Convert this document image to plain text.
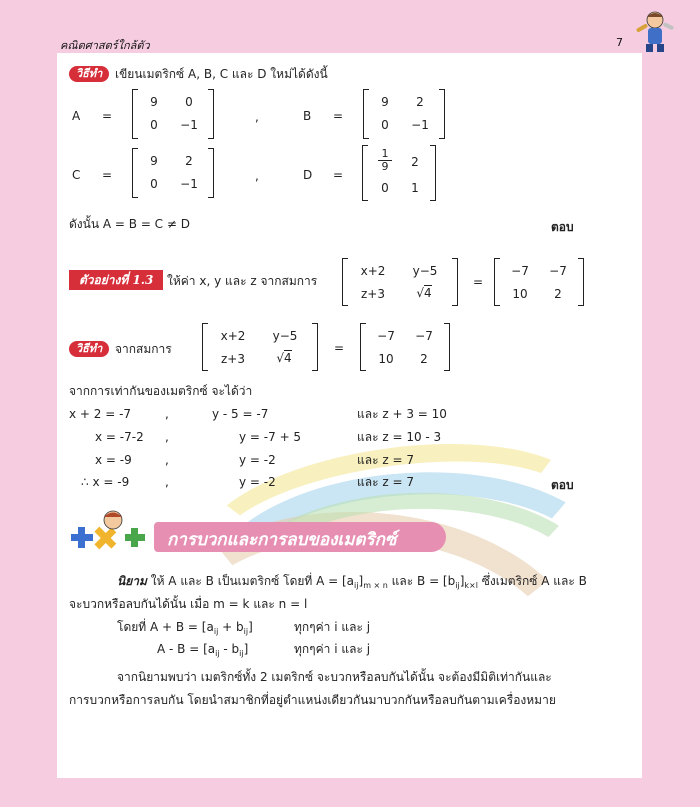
คณิตศาสตร์ใกล้ตัว	7
วิธีทำ	เขียนเมตริกซ์ A, B, C และ D ใหม่ได้ดังนี้
A =
9	0
0	−1
,	B =
9	2
0	−1
C =
9	2
0	−1
,	D =
$\frac{1}{9}$	2
0	1
ดังนั้น A = B = C ≠ D	ตอบ
ตัวอย่างที่ 1.3	ให้ค่า x, y และ z จากสมการ
x+2	y−5
z+3	√4
=
−7	−7
10	2
วิธีทำ	จากสมการ
x+2	y−5
z+3	√4
=
−7	−7
10	2
จากการเท่ากันของเมตริกซ์ จะได้ว่า
x + 2 = -7	,	y - 5 = -7	และ z + 3 = 10
x = -7-2 ,	y = -7 + 5	และ z = 10 - 3
x = -9	,	y = -2	และ z = 7
∴ x = -9	,	y = -2	และ z = 7	ตอบ
การบวกและการลบของเมตริกซ์
นิยาม ให้ A และ B เป็นเมตริกซ์ โดยที่ $A = [a_{ij}]_{m \times n}$ และ $B = [b_{ij}]_{k\times l}$ ซึ่งเมตริกซ์ A และ B
จะบวกหรือลบกันได้นั้น เมื่อ m = k และ n = l
โดยที่ $A + B = [a_{ij} + b_{ij}]$	ทุกๆค่า i และ j
$A - B = [a_{ij} - b_{ij}]$	ทุกๆค่า i และ j
จากนิยามพบว่า เมตริกซ์ทั้ง 2 เมตริกซ์ จะบวกหรือลบกันได้นั้น จะต้องมีมิติเท่ากันและ
การบวกหรือการลบกัน โดยนำสมาชิกที่อยู่ตำแหน่งเดียวกันมาบวกกันหรือลบกันตามเครื่องหมาย
